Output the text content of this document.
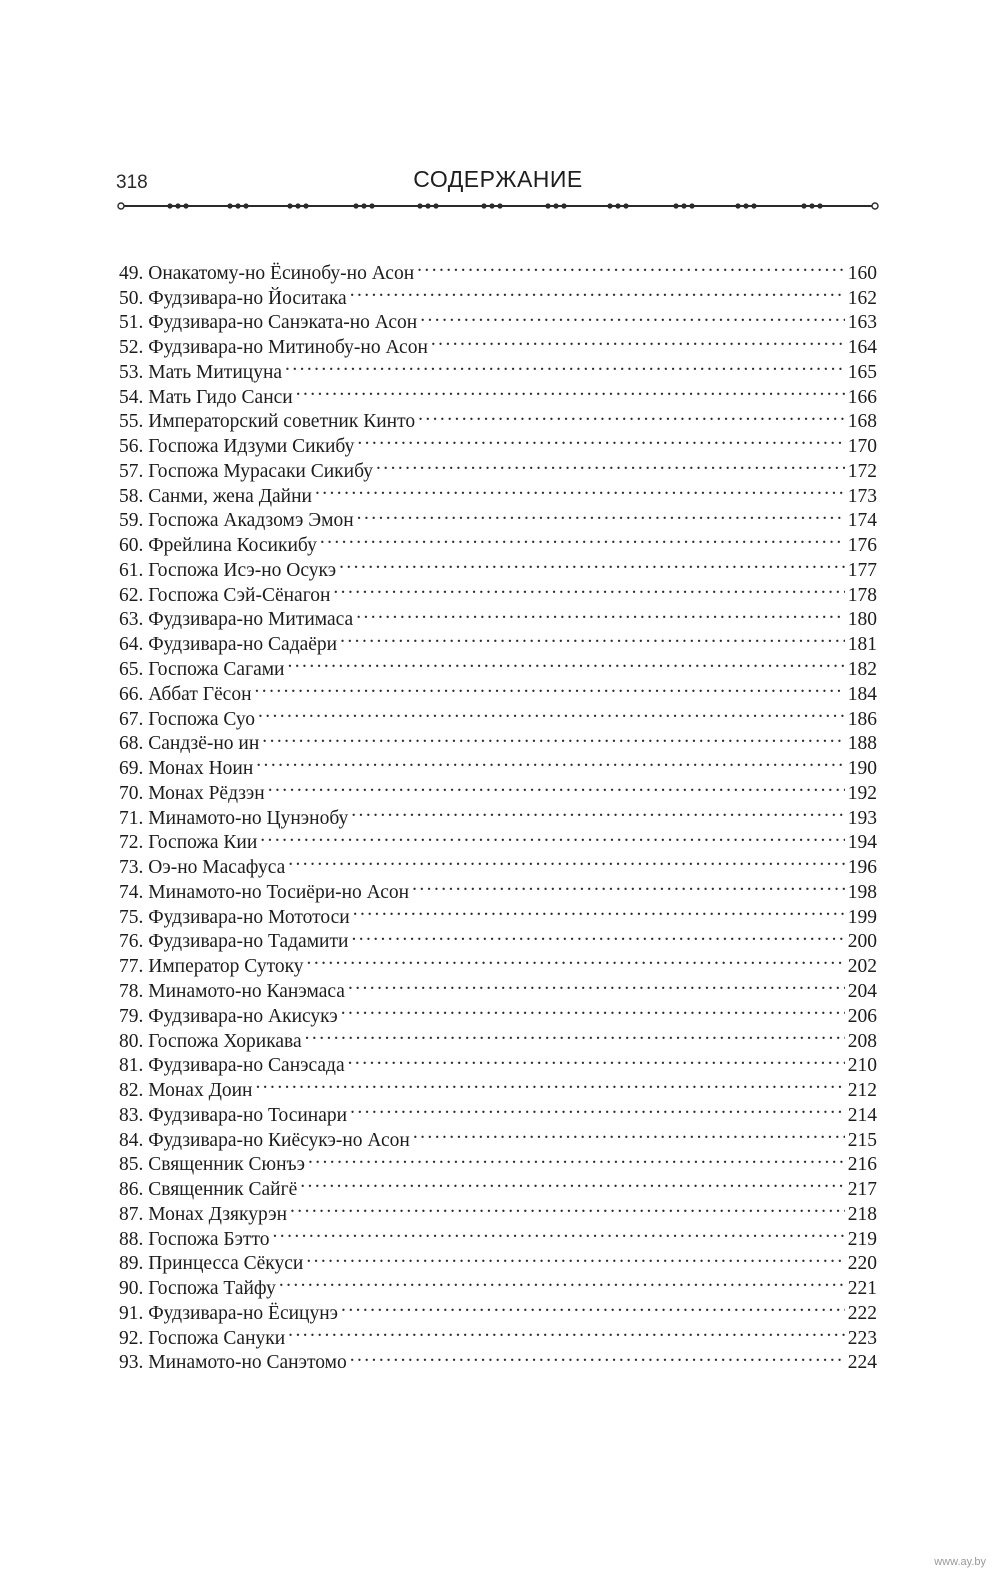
318	СОДЕРЖАНИЕ
49. Онакатому-но Ёсинобу-но Асон .....	160
50. Фудзивара-но Йоситака .....	162
51. Фудзивара-но Санэката-но Асон .....	163
52. Фудзивара-но Митинобу-но Асон .....	164
53. Мать Митицуна .....	165
54. Мать Гидо Санси .....	166
55. Императорский советник Кинто .....	168
56. Госпожа Идзуми Сикибу .....	170
57. Госпожа Мурасаки Сикибу .....	172
58. Санми, жена Дайни .....	173
59. Госпожа Акадзомэ Эмон .....	174
60. Фрейлина Косикибу .....	176
61. Госпожа Исэ-но Осукэ .....	177
62. Госпожа Сэй-Сёнагон .....	178
63. Фудзивара-но Митимаса .....	180
64. Фудзивара-но Садаёри .....	181
65. Госпожа Сагами .....	182
66. Аббат Гёсон .....	184
67. Госпожа Суо .....	186
68. Сандзё-но ин .....	188
69. Монах Ноин .....	190
70. Монах Рёдзэн .....	192
71. Минамото-но Цунэнобу .....	193
72. Госпожа Кии .....	194
73. Оэ-но Масафуса .....	196
74. Минамото-но Тосиёри-но Асон .....	198
75. Фудзивара-но Мототоси .....	199
76. Фудзивара-но Тадамити .....	200
77. Император Сутоку .....	202
78. Минамото-но Канэмаса .....	204
79. Фудзивара-но Акисукэ .....	206
80. Госпожа Хорикава .....	208
81. Фудзивара-но Санэсада .....	210
82. Монах Доин .....	212
83. Фудзивара-но Тосинари .....	214
84. Фудзивара-но Киёсукэ-но Асон .....	215
85. Священник Сюнъэ .....	216
86. Священник Сайгё .....	217
87. Монах Дзякурэн .....	218
88. Госпожа Бэтто .....	219
89. Принцесса Сёкуси .....	220
90. Госпожа Тайфу .....	221
91. Фудзивара-но Ёсицунэ .....	222
92. Госпожа Сануки .....	223
93. Минамото-но Санэтомо .....	224
www.ay.by
